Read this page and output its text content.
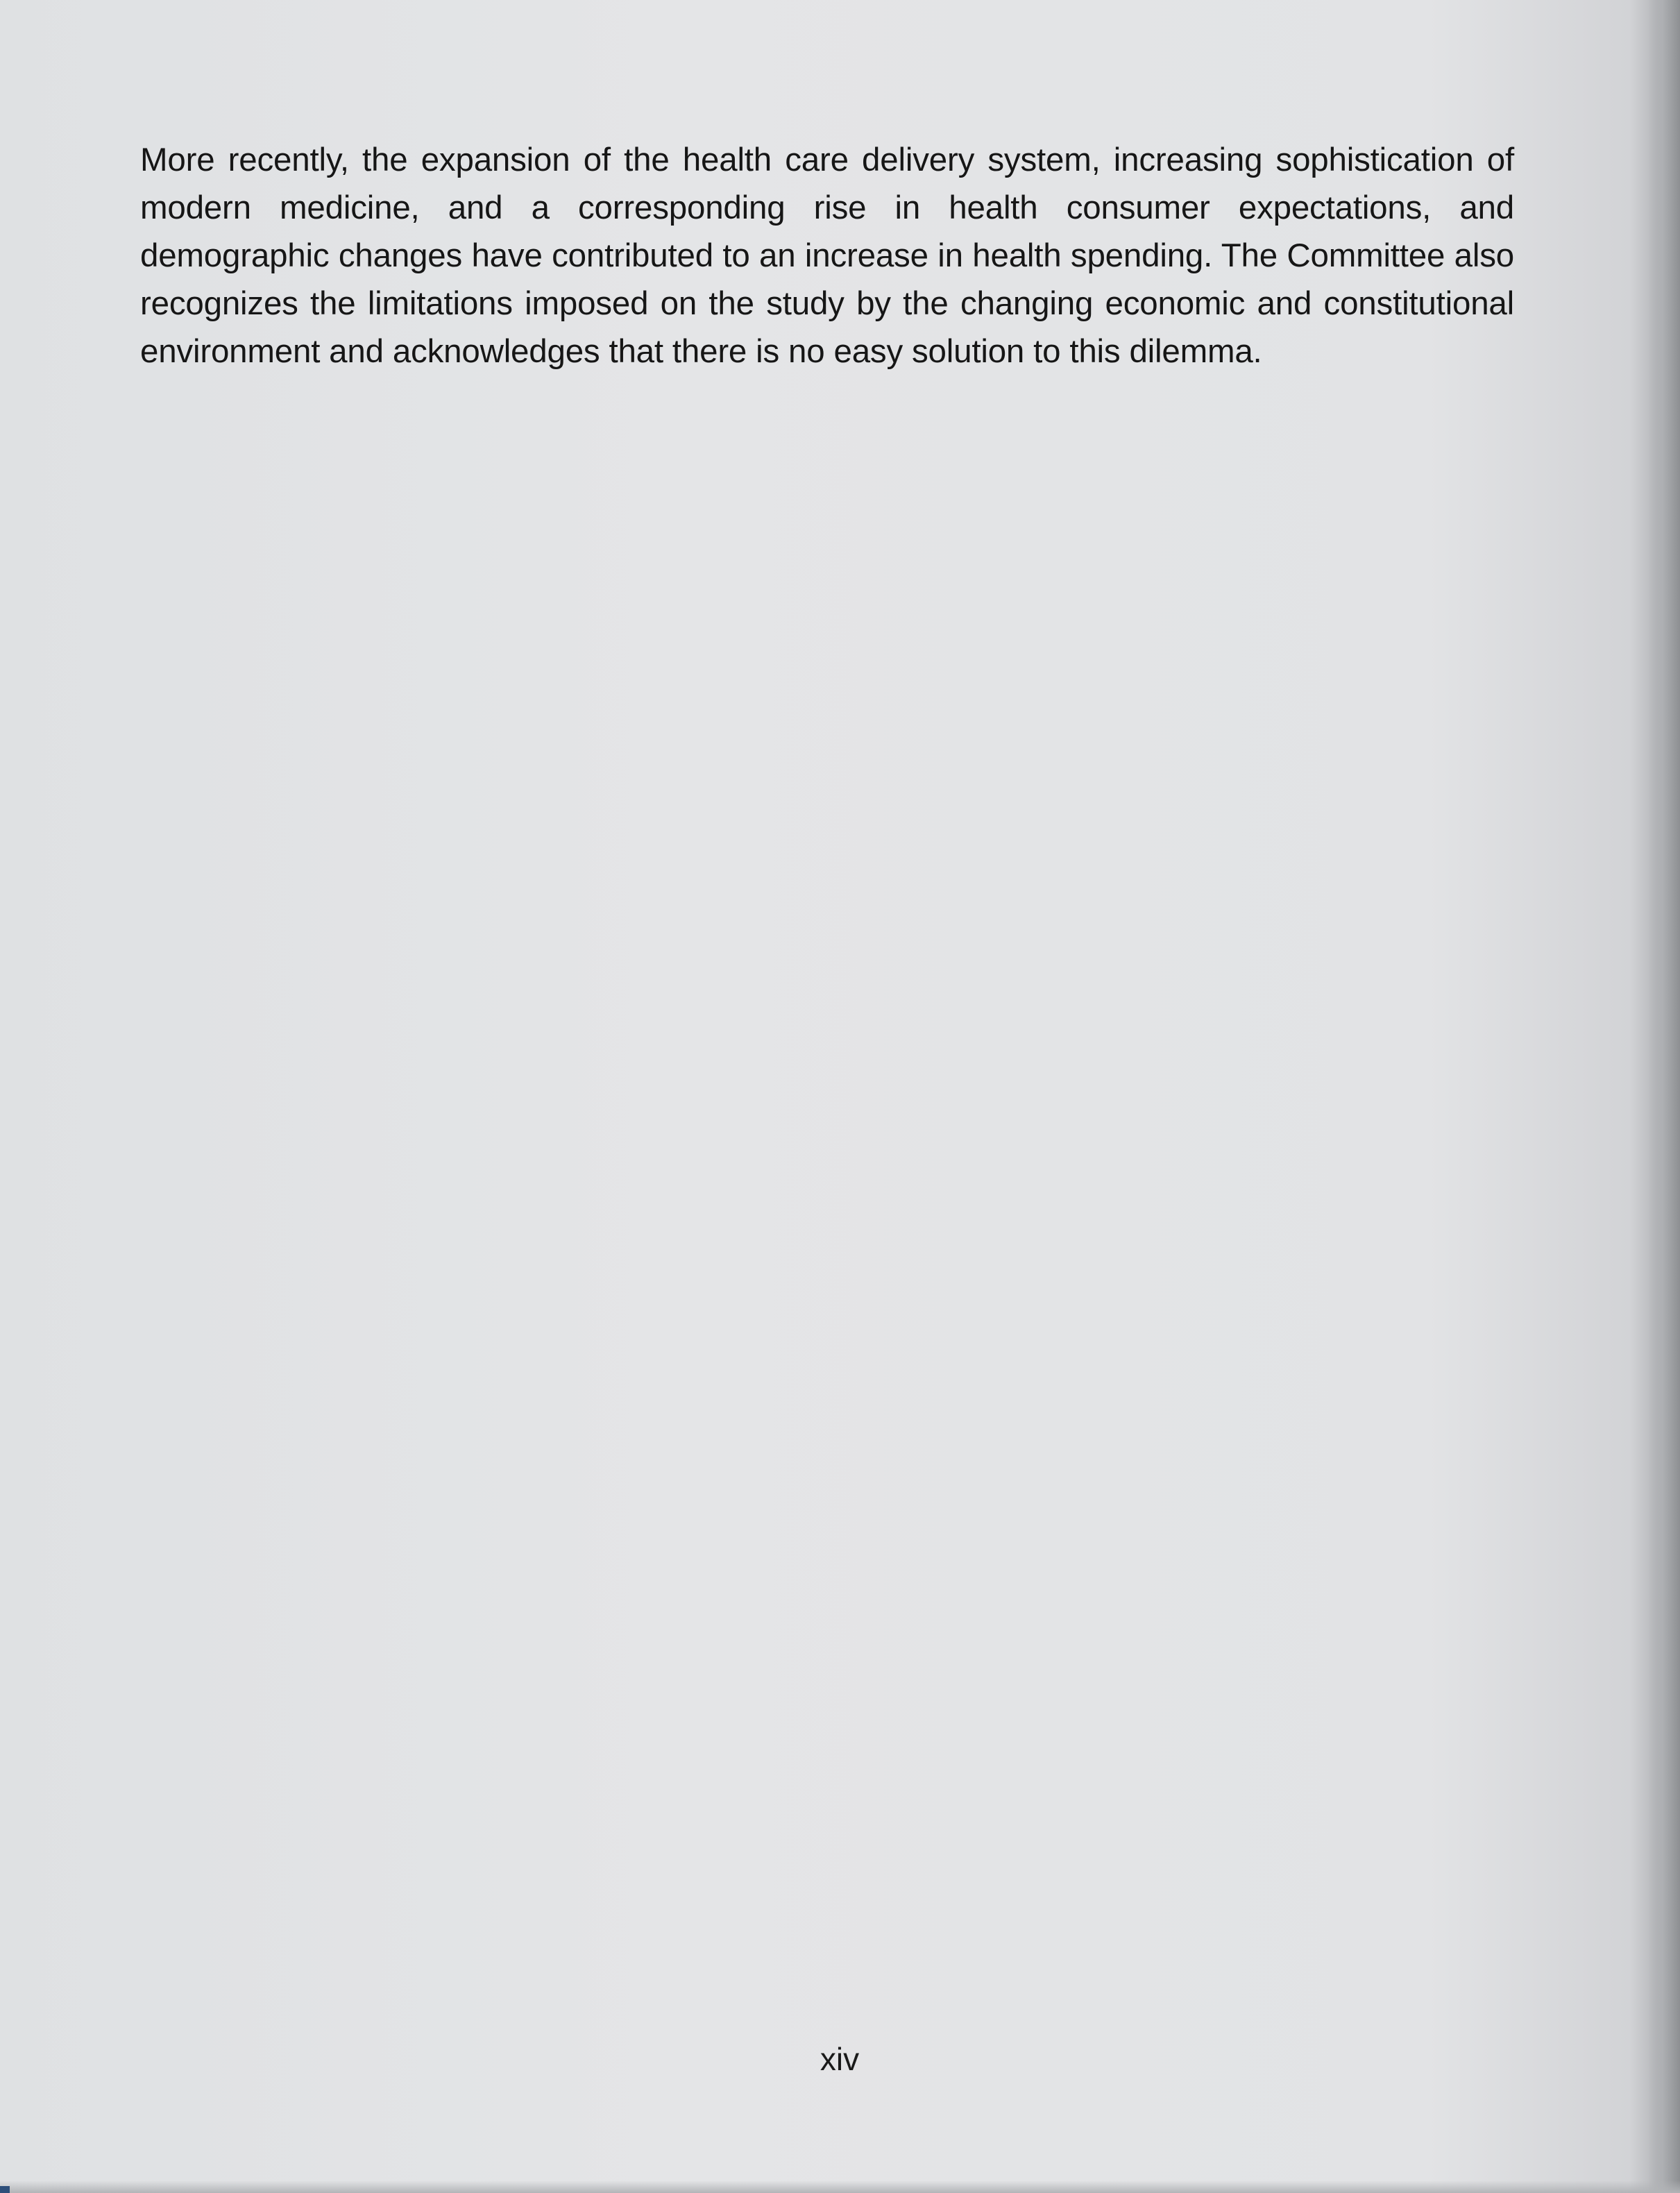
More recently, the expansion of the health care delivery system, increasing sophistication of modern medicine, and a corresponding rise in health consumer expectations, and demographic changes have contributed to an increase in health spending. The Committee also recognizes the limitations imposed on the study by the changing economic and constitutional environment and acknowledges that there is no easy solution to this dilemma.

xiv
